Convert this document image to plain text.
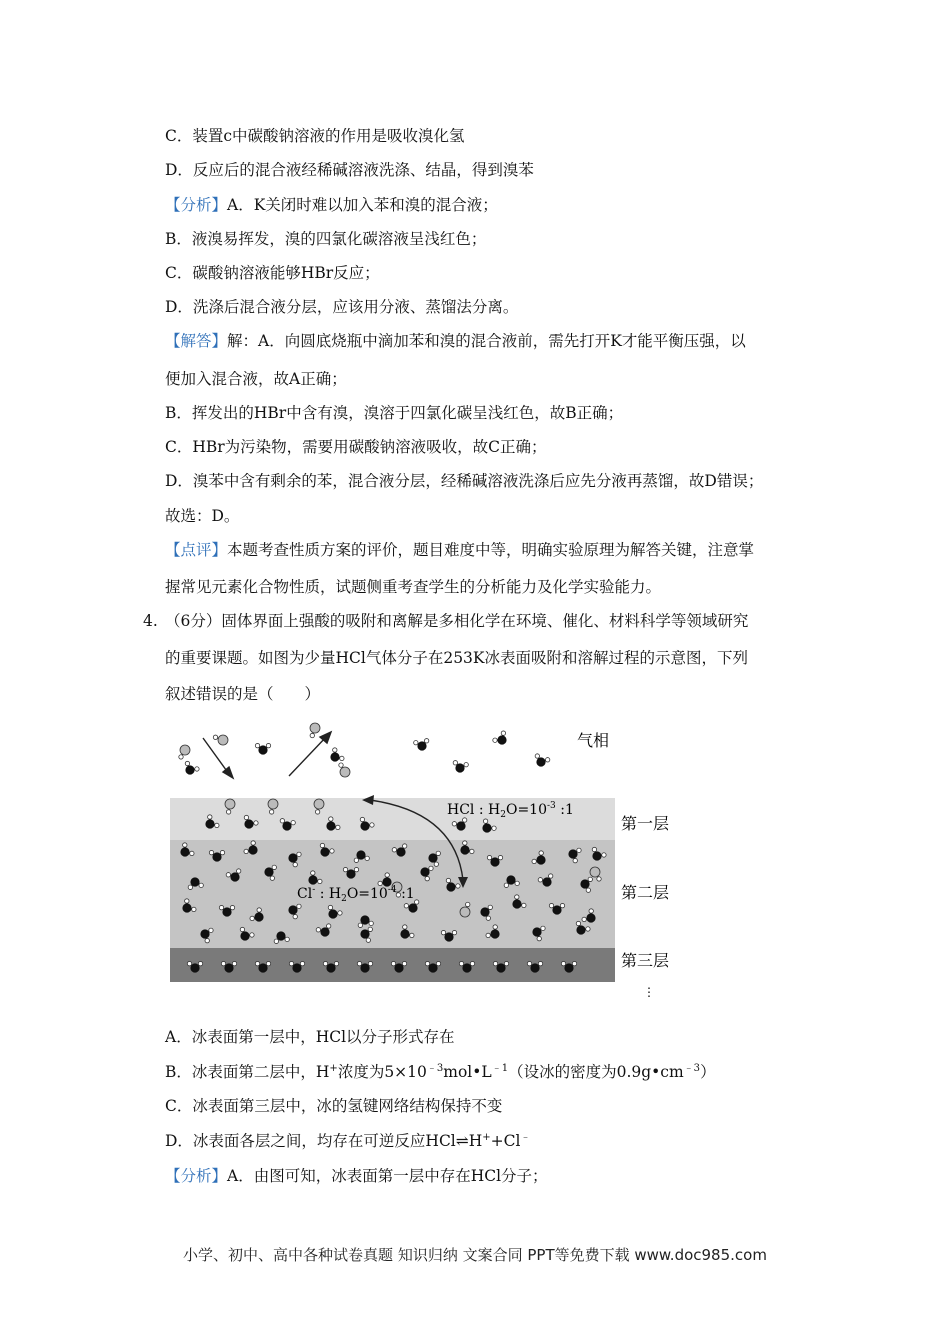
C．装置c中碳酸钠溶液的作用是吸收溴化氢
D．反应后的混合液经稀碱溶液洗涤、结晶，得到溴苯
【分析】A．K关闭时难以加入苯和溴的混合液；
B．液溴易挥发，溴的四氯化碳溶液呈浅红色；
C．碳酸钠溶液能够HBr反应；
D．洗涤后混合液分层，应该用分液、蒸馏法分离。
【解答】解：A．向圆底烧瓶中滴加苯和溴的混合液前，需先打开K才能平衡压强，以
便加入混合液，故A正确；
B．挥发出的HBr中含有溴，溴溶于四氯化碳呈浅红色，故B正确；
C．HBr为污染物，需要用碳酸钠溶液吸收，故C正确；
D．溴苯中含有剩余的苯，混合液分层，经稀碱溶液洗涤后应先分液再蒸馏，故D错误；
故选：D。
【点评】本题考查性质方案的评价，题目难度中等，明确实验原理为解答关键，注意掌
握常见元素化合物性质，试题侧重考查学生的分析能力及化学实验能力。
4. （6分）固体界面上强酸的吸附和离解是多相化学在环境、催化、材料科学等领域研究
的重要课题。如图为少量HCl气体分子在253K冰表面吸附和溶解过程的示意图，下列
叙述错误的是（　　）
气相
第一层
第二层
第三层
⋮
HCl : $H_2O=10^{-3}$ :1
Cl- : $H_2O=10^{-4}$ :1
A．冰表面第一层中，HCl以分子形式存在
B．冰表面第二层中，H+浓度为$5\times 10^{﹣3}mol•L^{﹣1}$（设冰的密度为$0.9g•cm^{﹣3}$）
C．冰表面第三层中，冰的氢键网络结构保持不变
D．冰表面各层之间，均存在可逆反应HCl⇌H++Cl﹣
【分析】A．由图可知，冰表面第一层中存在HCl分子；
小学、初中、高中各种试卷真题 知识归纳 文案合同 PPT等免费下载 www.doc985.com
